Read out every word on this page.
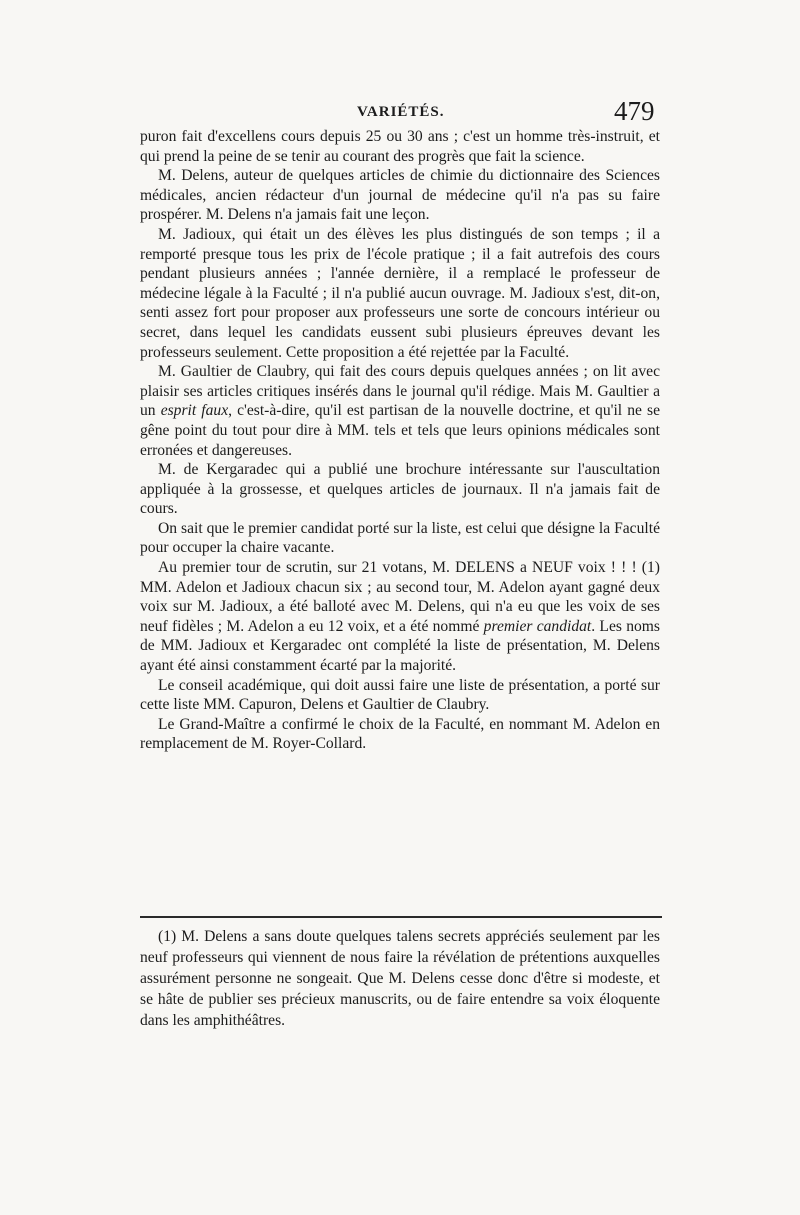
VARIÉTÉS.	479

puron fait d'excellens cours depuis 25 ou 30 ans ; c'est un homme très-instruit, et qui prend la peine de se tenir au courant des progrès que fait la science.

M. Delens, auteur de quelques articles de chimie du dictionnaire des Sciences médicales, ancien rédacteur d'un journal de médecine qu'il n'a pas su faire prospérer. M. Delens n'a jamais fait une leçon.

M. Jadioux, qui était un des élèves les plus distingués de son temps ; il a remporté presque tous les prix de l'école pratique ; il a fait autrefois des cours pendant plusieurs années ; l'année dernière, il a remplacé le professeur de médecine légale à la Faculté ; il n'a publié aucun ouvrage. M. Jadioux s'est, dit-on, senti assez fort pour proposer aux professeurs une sorte de concours intérieur ou secret, dans lequel les candidats eussent subi plusieurs épreuves devant les professeurs seulement. Cette proposition a été rejettée par la Faculté.

M. Gaultier de Claubry, qui fait des cours depuis quelques années ; on lit avec plaisir ses articles critiques insérés dans le journal qu'il rédige. Mais M. Gaultier a un esprit faux, c'est-à-dire, qu'il est partisan de la nouvelle doctrine, et qu'il ne se gêne point du tout pour dire à MM. tels et tels que leurs opinions médicales sont erronées et dangereuses.

M. de Kergaradec qui a publié une brochure intéressante sur l'auscultation appliquée à la grossesse, et quelques articles de journaux. Il n'a jamais fait de cours.

On sait que le premier candidat porté sur la liste, est celui que désigne la Faculté pour occuper la chaire vacante.

Au premier tour de scrutin, sur 21 votans, M. DELENS a NEUF voix ! ! ! (1) MM. Adelon et Jadioux chacun six ; au second tour, M. Adelon ayant gagné deux voix sur M. Jadioux, a été balloté avec M. Delens, qui n'a eu que les voix de ses neuf fidèles ; M. Adelon a eu 12 voix, et a été nommé premier candidat. Les noms de MM. Jadioux et Kergaradec ont complété la liste de présentation, M. Delens ayant été ainsi constamment écarté par la majorité.

Le conseil académique, qui doit aussi faire une liste de présentation, a porté sur cette liste MM. Capuron, Delens et Gaultier de Claubry.

Le Grand-Maître a confirmé le choix de la Faculté, en nommant M. Adelon en remplacement de M. Royer-Collard.

(1) M. Delens a sans doute quelques talens secrets appréciés seulement par les neuf professeurs qui viennent de nous faire la révélation de prétentions auxquelles assurément personne ne songeait. Que M. Delens cesse donc d'être si modeste, et se hâte de publier ses précieux manuscrits, ou de faire entendre sa voix éloquente dans les amphithéâtres.
